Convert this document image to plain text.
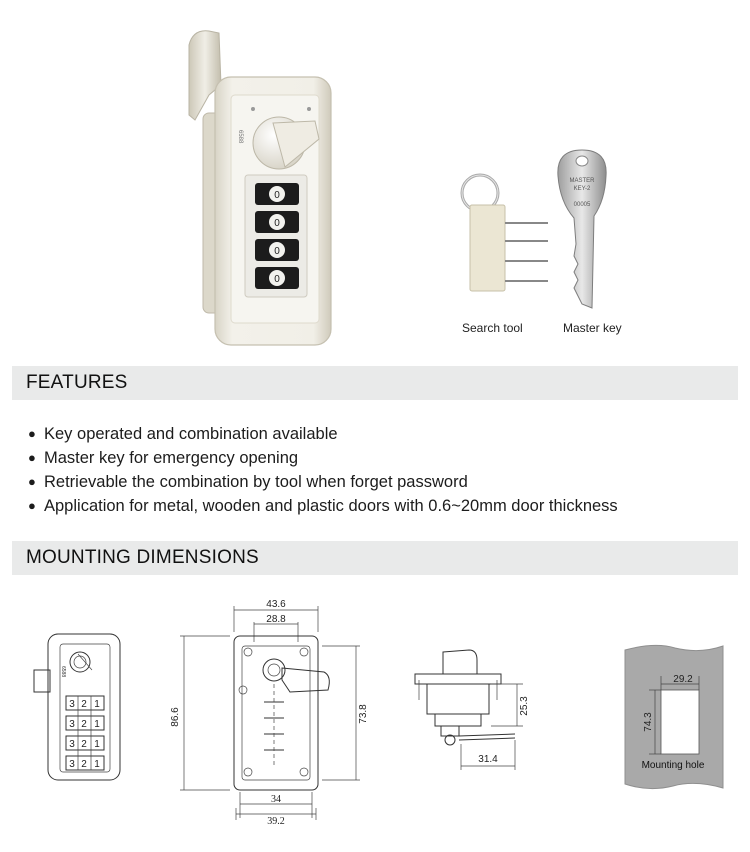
6588
0
0
0
0
MASTER
KEY-2
00005
Search tool	Master key
FEATURES
● Key operated and combination available
● Master key for emergency opening
● Retrievable the combination by tool when forget password
● Application for metal, wooden and plastic doors with 0.6~20mm door thickness
MOUNTING DIMENSIONS
6588
3 2 1
3 2 1
3 2 1
3 2 1
43.6
28.8
86.6	73.8
34
39.2
25.3
31.4
29.2
74.3
Mounting hole
